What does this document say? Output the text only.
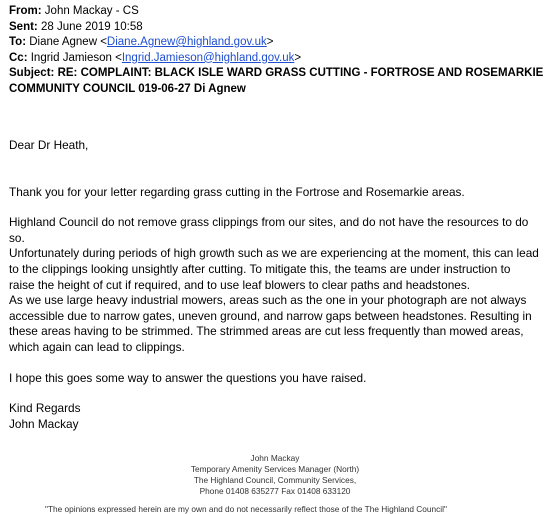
From: John Mackay - CS
Sent: 28 June 2019 10:58
To: Diane Agnew <Diane.Agnew@highland.gov.uk>
Cc: Ingrid Jamieson <Ingrid.Jamieson@highland.gov.uk>
Subject: RE: COMPLAINT: BLACK ISLE WARD GRASS CUTTING - FORTROSE AND ROSEMARKIE
COMMUNITY COUNCIL 019-06-27 Di Agnew

Dear Dr Heath,

Thank you for your letter regarding grass cutting in the Fortrose and Rosemarkie areas.

Highland Council do not remove grass clippings from our sites, and do not have the resources to do so.

Unfortunately during periods of high growth such as we are experiencing at the moment, this can lead

to the clippings looking unsightly after cutting. To mitigate this, the teams are under instruction to

raise the height of cut if required, and to use leaf blowers to clear paths and headstones.

As we use large heavy industrial mowers, areas such as the one in your photograph are not always

accessible due to narrow gates, uneven ground, and narrow gaps between headstones. Resulting in

these areas having to be strimmed. The strimmed areas are cut less frequently than mowed areas,

which again can lead to clippings.

I hope this goes some way to answer the questions you have raised.

Kind Regards

John Mackay

John Mackay
Temporary Amenity Services Manager (North)
The Highland Council, Community Services,
Phone 01408 635277 Fax 01408 633120
"The opinions expressed herein are my own and do not necessarily reflect those of the The Highland Council"
